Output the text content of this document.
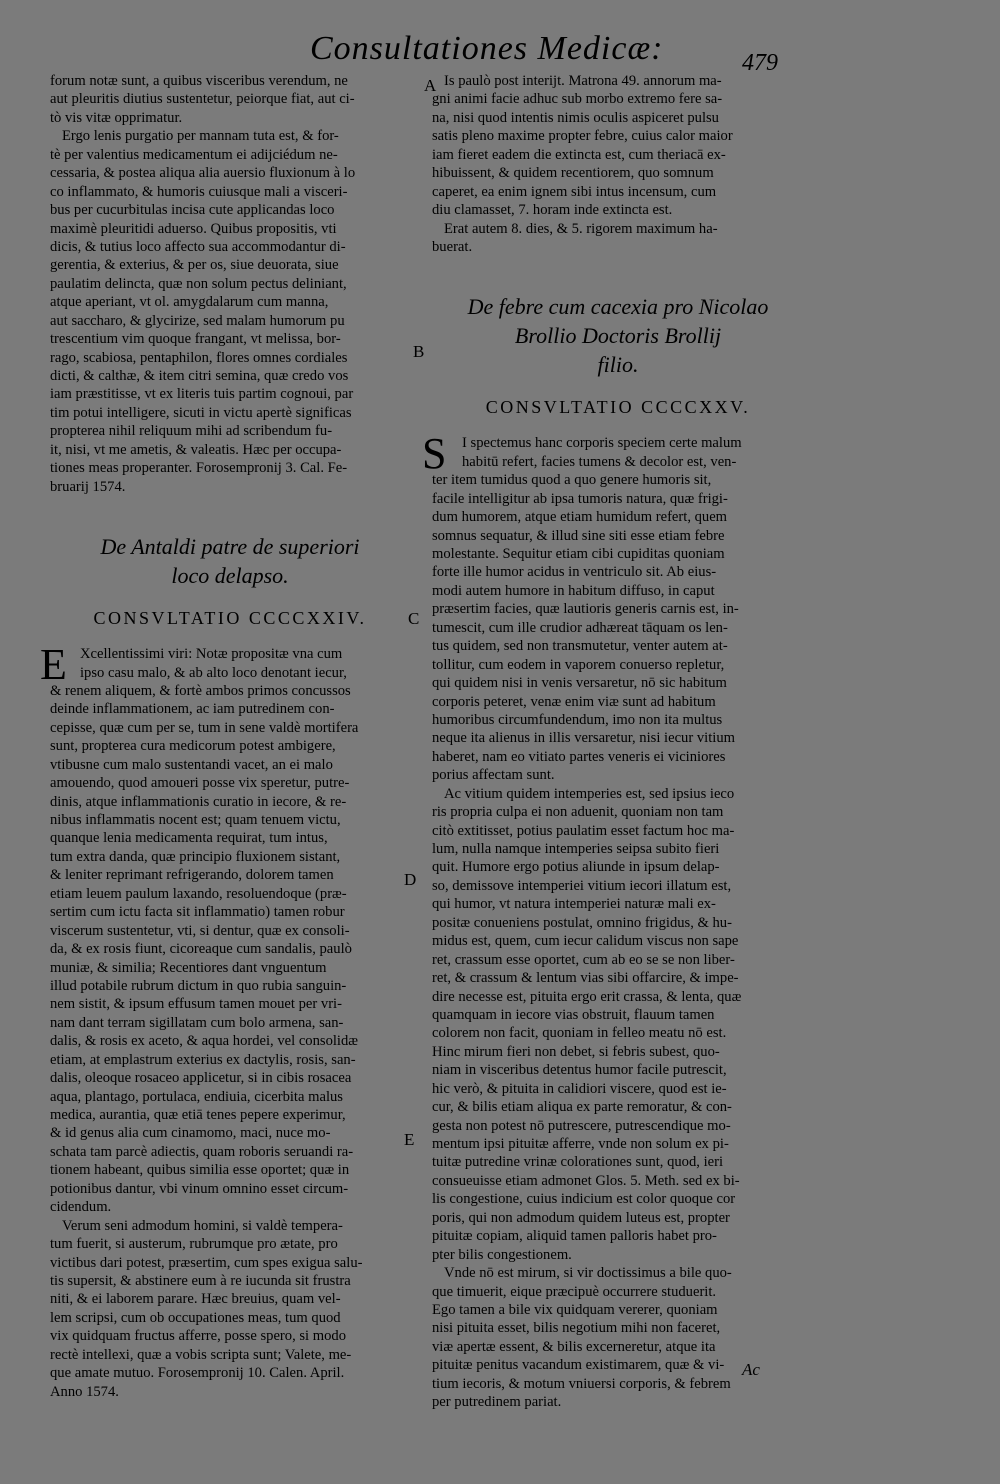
Consultationes Medicæ:	479
A
B
C
D
E
forum notæ sunt, a quibus visceribus verendum, ne
aut pleuritis diutius sustentetur, peiorque fiat, aut ci-
tò vis vitæ opprimatur.
Ergo lenis purgatio per mannam tuta est, & for-
tè per valentius medicamentum ei adijciédum ne-
cessaria, & postea aliqua alia auersio fluxionum à lo
co inflammato, & humoris cuiusque mali a visceri-
bus per cucurbitulas incisa cute applicandas loco
maximè pleuritidi aduerso. Quibus propositis, vti
dicis, & tutius loco affecto sua accommodantur di-
gerentia, & exterius, & per os, siue deuorata, siue
paulatim delincta, quæ non solum pectus deliniant,
atque aperiant, vt ol. amygdalarum cum manna,
aut saccharo, & glycirize, sed malam humorum pu
trescentium vim quoque frangant, vt melissa, bor-
rago, scabiosa, pentaphilon, flores omnes cordiales
dicti, & calthæ, & item citri semina, quæ credo vos
iam præstitisse, vt ex literis tuis partim cognoui, par
tim potui intelligere, sicuti in victu apertè significas
propterea nihil reliquum mihi ad scribendum fu-
it, nisi, vt me ametis, & valeatis. Hæc per occupa-
tiones meas properanter. Forosempronij 3. Cal. Fe-
bruarij 1574.
De Antaldi patre de superiori
loco delapso.
CONSVLTATIO CCCCXXIV.
E Xcellentissimi viri: Notæ propositæ vna cum
ipso casu malo, & ab alto loco denotant iecur,
& renem aliquem, & fortè ambos primos concussos
deinde inflammationem, ac iam putredinem con-
cepisse, quæ cum per se, tum in sene valdè mortifera
sunt, propterea cura medicorum potest ambigere,
vtibusne cum malo sustentandi vacet, an ei malo
amouendo, quod amoueri posse vix speretur, putre-
dinis, atque inflammationis curatio in iecore, & re-
nibus inflammatis nocent est; quam tenuem victu,
quanque lenia medicamenta requirat, tum intus,
tum extra danda, quæ principio fluxionem sistant,
& leniter reprimant refrigerando, dolorem tamen
etiam leuem paulum laxando, resoluendoque (præ-
sertim cum ictu facta sit inflammatio) tamen robur
viscerum sustentetur, vti, si dentur, quæ ex consoli-
da, & ex rosis fiunt, cicoreaque cum sandalis, paulò
muniæ, & similia; Recentiores dant vnguentum
illud potabile rubrum dictum in quo rubia sanguin-
nem sistit, & ipsum effusum tamen mouet per vri-
nam dant terram sigillatam cum bolo armena, san-
dalis, & rosis ex aceto, & aqua hordei, vel consolidæ
etiam, at emplastrum exterius ex dactylis, rosis, san-
dalis, oleoque rosaceo applicetur, si in cibis rosacea
aqua, plantago, portulaca, endiuia, cicerbita malus
medica, aurantia, quæ etiā tenes pepere experimur,
& id genus alia cum cinamomo, maci, nuce mo-
schata tam parcè adiectis, quam roboris seruandi ra-
tionem habeant, quibus similia esse oportet; quæ in
potionibus dantur, vbi vinum omnino esset circum-
cidendum.
Verum seni admodum homini, si valdè tempera-
tum fuerit, si austerum, rubrumque pro ætate, pro
victibus dari potest, præsertim, cum spes exigua salu-
tis supersit, & abstinere eum à re iucunda sit frustra
niti, & ei laborem parare. Hæc breuius, quam vel-
lem scripsi, cum ob occupationes meas, tum quod
vix quidquam fructus afferre, posse spero, si modo
rectè intellexi, quæ a vobis scripta sunt; Valete, me-
que amate mutuo. Forosempronij 10. Calen. April.
Anno 1574.
Is paulò post interijt. Matrona 49. annorum ma-
gni animi facie adhuc sub morbo extremo fere sa-
na, nisi quod intentis nimis oculis aspiceret pulsu
satis pleno maxime propter febre, cuius calor maior
iam fieret eadem die extincta est, cum theriacā ex-
hibuissent, & quidem recentiorem, quo somnum
caperet, ea enim ignem sibi intus incensum, cum
diu clamasset, 7. horam inde extincta est.
Erat autem 8. dies, & 5. rigorem maximum ha-
buerat.
De febre cum cacexia pro Nicolao
Brollio Doctoris Brollij
filio.
CONSVLTATIO CCCCXXV.
S	I spectemus hanc corporis speciem certe malum
habitū refert, facies tumens & decolor est, ven-
ter item tumidus quod a quo genere humoris sit,
facile intelligitur ab ipsa tumoris natura, quæ frigi-
dum humorem, atque etiam humidum refert, quem
somnus sequatur, & illud sine siti esse etiam febre
molestante. Sequitur etiam cibi cupiditas quoniam
forte ille humor acidus in ventriculo sit. Ab eius-
modi autem humore in habitum diffuso, in caput
præsertim facies, quæ lautioris generis carnis est, in-
tumescit, cum ille crudior adhæreat tāquam os len-
tus quidem, sed non transmutetur, venter autem at-
tollitur, cum eodem in vaporem conuerso repletur,
qui quidem nisi in venis versaretur, nō sic habitum
corporis peteret, venæ enim viæ sunt ad habitum
humoribus circumfundendum, imo non ita multus
neque ita alienus in illis versaretur, nisi iecur vitium
haberet, nam eo vitiato partes veneris ei viciniores
porius affectam sunt.
Ac vitium quidem intemperies est, sed ipsius ieco
ris propria culpa ei non aduenit, quoniam non tam
citò extitisset, potius paulatim esset factum hoc ma-
lum, nulla namque intemperies seipsa subito fieri
quit. Humore ergo potius aliunde in ipsum delap-
so, demissove intemperiei vitium iecori illatum est,
qui humor, vt natura intemperiei naturæ mali ex-
positæ conueniens postulat, omnino frigidus, & hu-
midus est, quem, cum iecur calidum viscus non sape
ret, crassum esse oportet, cum ab eo se se non liber-
ret, & crassum & lentum vias sibi offarcire, & impe-
dire necesse est, pituita ergo erit crassa, & lenta, quæ
quamquam in iecore vias obstruit, flauum tamen
colorem non facit, quoniam in felleo meatu nō est.
Hinc mirum fieri non debet, si febris subest, quo-
niam in visceribus detentus humor facile putrescit,
hic verò, & pituita in calidiori viscere, quod est ie-
cur, & bilis etiam aliqua ex parte remoratur, & con-
gesta non potest nō putrescere, putrescendique mo-
mentum ipsi pituitæ afferre, vnde non solum ex pi-
tuitæ putredine vrinæ colorationes sunt, quod, ieri
consueuisse etiam admonet Glos. 5. Meth. sed ex bi-
lis congestione, cuius indicium est color quoque cor
poris, qui non admodum quidem luteus est, propter
pituitæ copiam, aliquid tamen palloris habet pro-
pter bilis congestionem.
Vnde nō est mirum, si vir doctissimus a bile quo-
que timuerit, eique præcipuè occurrere studuerit.
Ego tamen a bile vix quidquam vererer, quoniam
nisi pituita esset, bilis negotium mihi non faceret,
viæ apertæ essent, & bilis excerneretur, atque ita
pituitæ penitus vacandum existimarem, quæ & vi-
tium iecoris, & motum vniuersi corporis, & febrem
per putredinem pariat.
Ac
